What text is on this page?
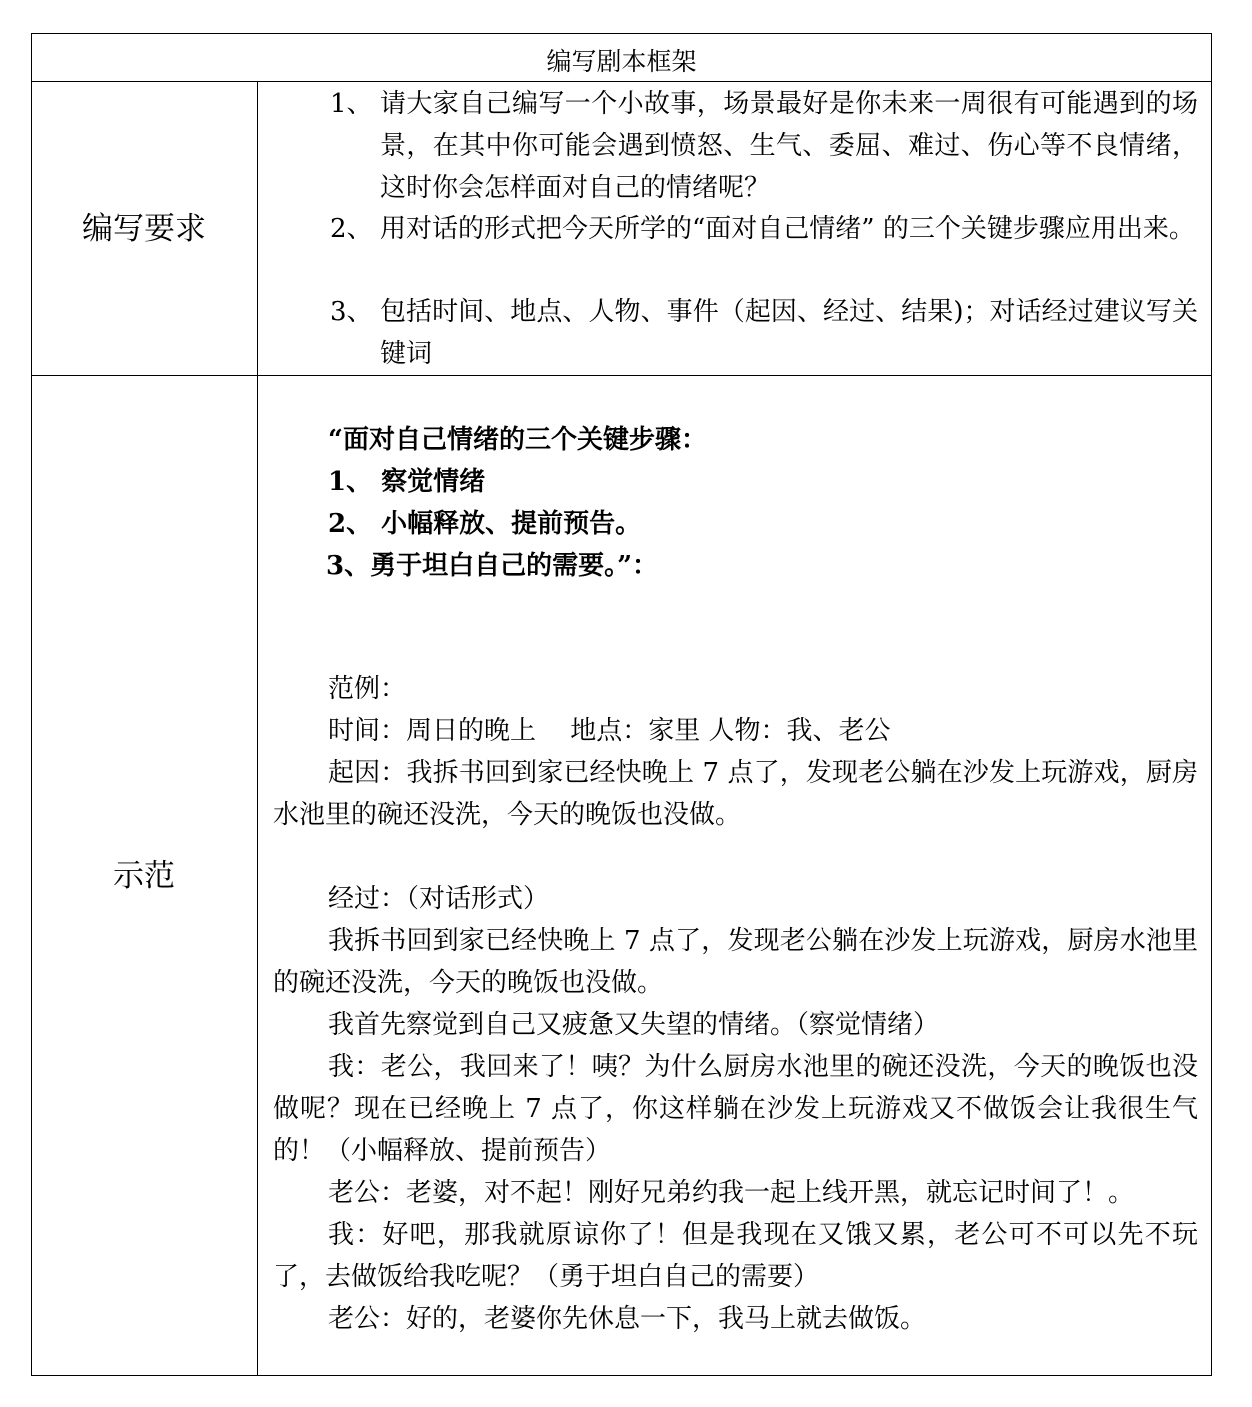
编写剧本框架
编写要求
1、 请大家自己编写一个小故事，场景最好是你未来一周很有可能遇到的场景，在其中你可能会遇到愤怒、生气、委屈、难过、伤心等不良情绪，这时你会怎样面对自己的情绪呢？
2、 用对话的形式把今天所学的“面对自己情绪” 的三个关键步骤应用出来。
3、 包括时间、地点、人物、事件（起因、经过、结果)；对话经过建议写关键词
示范
“面对自己情绪的三个关键步骤：
1、 察觉情绪
2、 小幅释放、提前预告。
3、勇于坦白自己的需要。”：

范例：

时间：周日的晚上　 地点：家里 人物：我、老公

起因：我拆书回到家已经快晚上 7 点了，发现老公躺在沙发上玩游戏，厨房水池里的碗还没洗，今天的晚饭也没做。

经过：（对话形式）

我拆书回到家已经快晚上 7 点了，发现老公躺在沙发上玩游戏，厨房水池里的碗还没洗，今天的晚饭也没做。

我首先察觉到自己又疲惫又失望的情绪。（察觉情绪）

我：老公，我回来了！咦？为什么厨房水池里的碗还没洗，今天的晚饭也没做呢？现在已经晚上 7 点了，你这样躺在沙发上玩游戏又不做饭会让我很生气的！（小幅释放、提前预告）

老公：老婆，对不起！刚好兄弟约我一起上线开黑，就忘记时间了！。

我：好吧，那我就原谅你了！但是我现在又饿又累，老公可不可以先不玩了，去做饭给我吃呢？（勇于坦白自己的需要）

老公：好的，老婆你先休息一下，我马上就去做饭。
